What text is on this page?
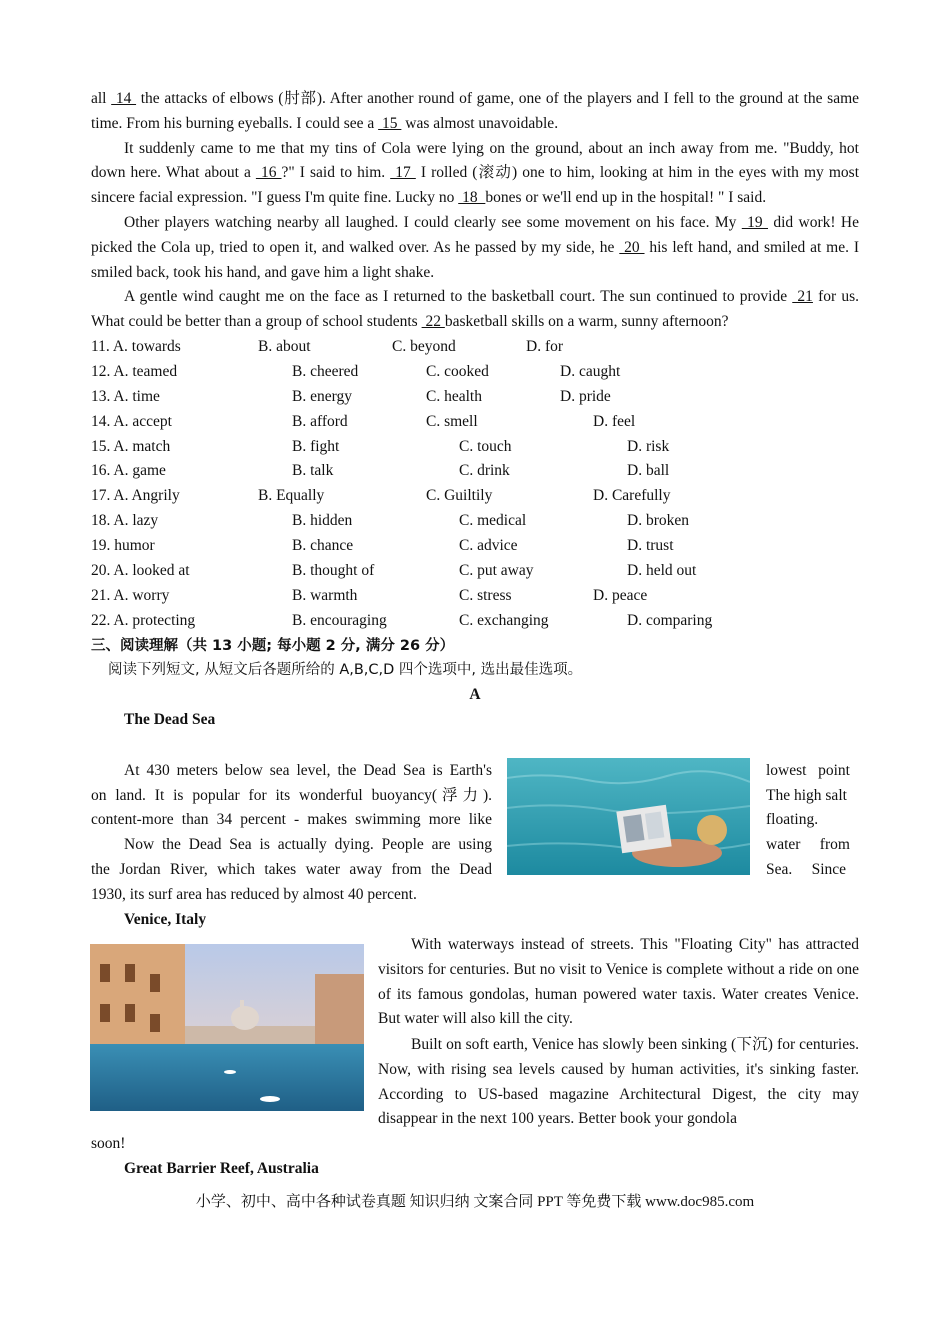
all  14  the attacks of elbows (肘部). After another round of game, one of the players and I fell to the ground at the same time. From his burning eyeballs. I could see a  15  was almost unavoidable.

It suddenly came to me that my tins of Cola were lying on the ground, about an inch away from me. "Buddy, hot down here. What about a  16 ?" I said to him.  17  I rolled (滚动) one to him, looking at him in the eyes with my most sincere facial expression. "I guess I'm quite fine. Lucky no  18  bones or we'll end up in the hospital! " I said.

Other players watching nearby all laughed. I could clearly see some movement on his face. My  19  did work! He picked the Cola up, tried to open it, and walked over. As he passed by my side, he  20  his left hand, and smiled at me. I smiled back, took his hand, and gave him a light shake.

A gentle wind caught me on the face as I returned to the basketball court. The sun continued to provide  21 for us. What could be better than a group of school students  22 basketball skills on a warm, sunny afternoon?

11. A. towards	B. about	C. beyond	D. for
12. A. teamed	B. cheered	C. cooked	D. caught
13. A. time	B. energy	C. health	D. pride
14. A. accept	B. afford	C. smell	D. feel
15. A. match	B. fight	C. touch	D. risk
16. A. game	B. talk	C. drink	D. ball
17. A. Angrily	B. Equally	C. Guiltily	D. Carefully
18. A. lazy	B. hidden	C. medical	D. broken
19. humor	B. chance	C. advice	D. trust
20. A. looked at	B. thought of	C. put away	D. held out
21. A. worry	B. warmth	C. stress	D. peace
22. A. protecting	B. encouraging	C. exchanging	D. comparing
三、阅读理解（共 13 小题; 每小题 2 分, 满分 26 分）
阅读下列短文, 从短文后各题所给的 A,B,C,D 四个选项中, 选出最佳选项。
A
The Dead Sea
At 430 meters below sea level, the Dead Sea is Earth's	lowest   point
on land. It is popular for its wonderful buoyancy(浮力).	The high salt
content-more than 34 percent - makes swimming more like	floating.
Now the Dead Sea is actually dying. People are using	water     from
the Jordan River, which takes water away from the Dead	Sea.     Since
1930, its surf area has reduced by almost 40 percent.
Venice, Italy
With waterways instead of streets. This "Floating City" has attracted visitors for centuries. But no visit to Venice is complete without a ride on one of its famous gondolas, human powered water taxis. Water creates Venice. But water will also kill the city.
Built on soft earth, Venice has slowly been sinking (下沉) for centuries. Now, with rising sea levels caused by human activities, it's sinking faster. According to US-based magazine Architectural Digest, the city may disappear in the next 100 years. Better book your gondola
soon!
Great Barrier Reef, Australia
小学、初中、高中各种试卷真题 知识归纳 文案合同 PPT 等免费下载 www.doc985.com
